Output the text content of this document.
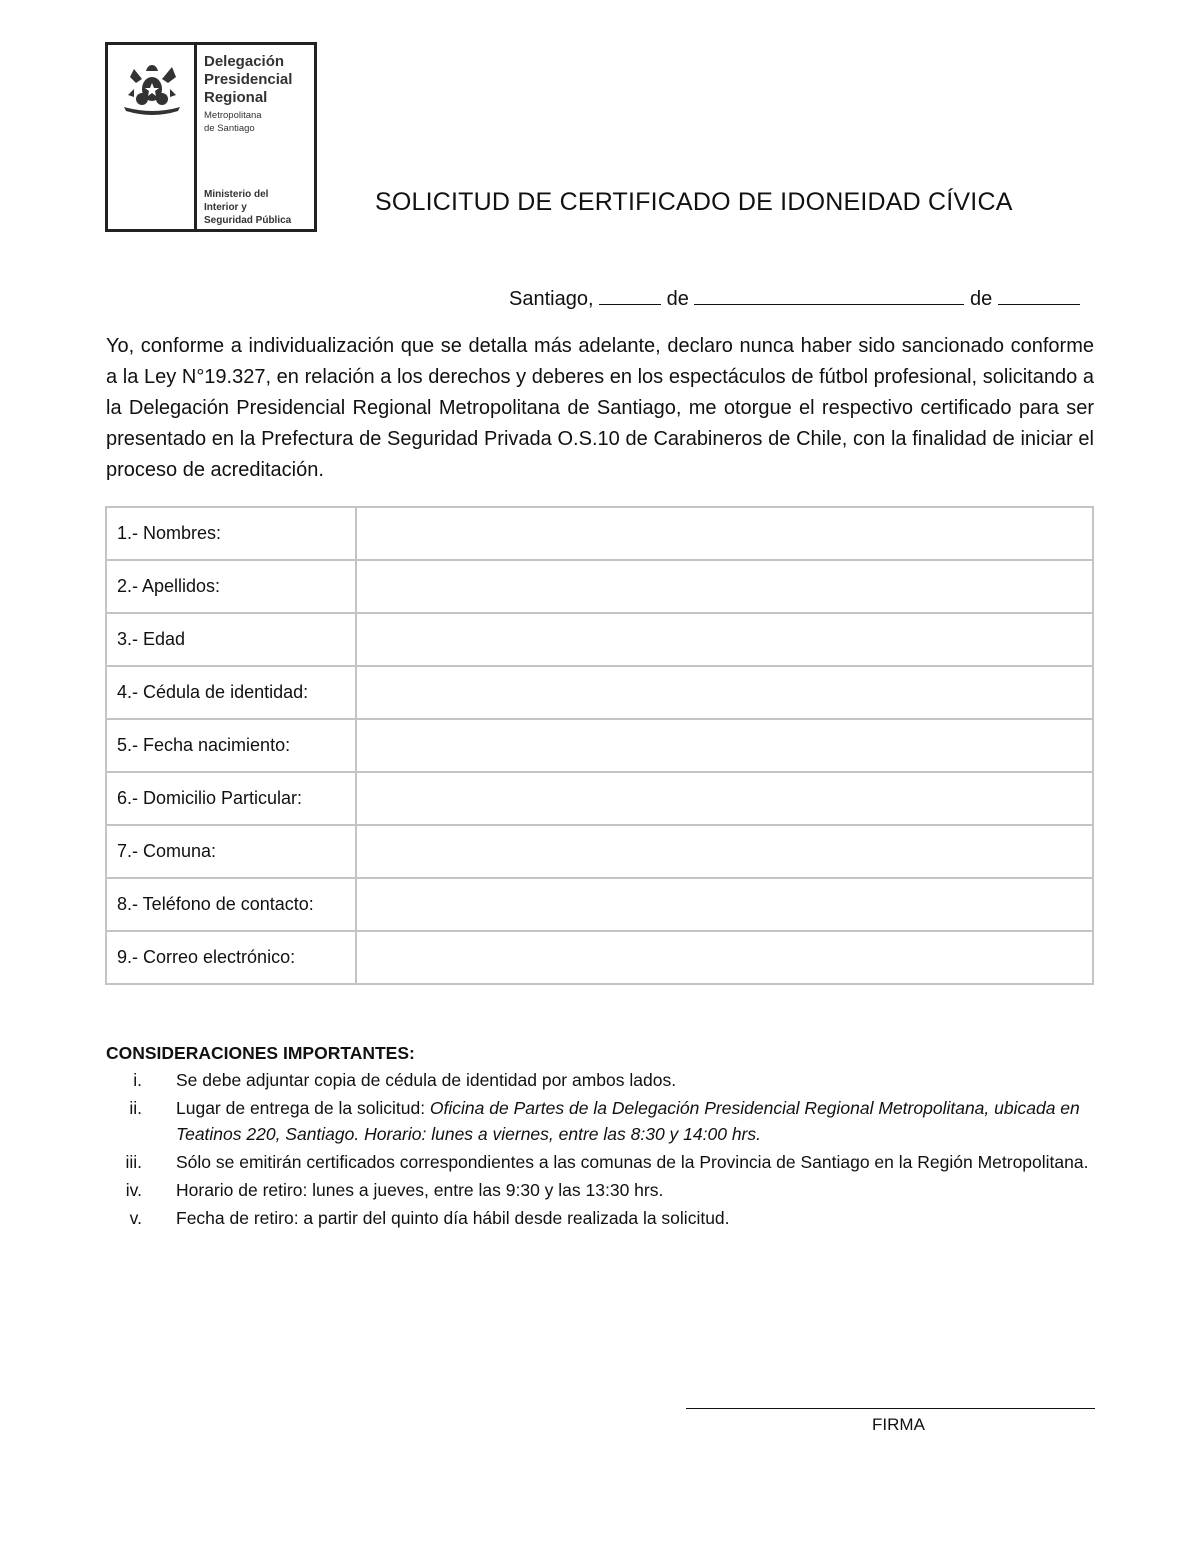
Delegación
Presidencial
Regional
Metropolitana
de Santiago
Ministerio del
Interior y
Seguridad Pública
SOLICITUD DE CERTIFICADO DE IDONEIDAD CÍVICA
Santiago,	de	de
Yo, conforme a individualización que se detalla más adelante, declaro nunca haber sido sancionado conforme a la Ley N°19.327, en relación a los derechos y deberes en los espectáculos de fútbol profesional, solicitando a la Delegación Presidencial Regional Metropolitana de Santiago, me otorgue el respectivo certificado para ser presentado en la Prefectura de Seguridad Privada O.S.10 de Carabineros de Chile, con la finalidad de iniciar el proceso de acreditación.
1.- Nombres:	
2.- Apellidos:	
3.- Edad	
4.- Cédula de identidad:	
5.- Fecha nacimiento:	
6.- Domicilio Particular:	
7.- Comuna:	
8.- Teléfono de contacto:	
9.- Correo electrónico:	
CONSIDERACIONES IMPORTANTES:
i. Se debe adjuntar copia de cédula de identidad por ambos lados.
ii. Lugar de entrega de la solicitud: Oficina de Partes de la Delegación Presidencial Regional Metropolitana, ubicada en Teatinos 220, Santiago. Horario: lunes a viernes, entre las 8:30 y 14:00 hrs.
iii. Sólo se emitirán certificados correspondientes a las comunas de la Provincia de Santiago en la Región Metropolitana.
iv. Horario de retiro: lunes a jueves, entre las 9:30 y las 13:30 hrs.
v. Fecha de retiro: a partir del quinto día hábil desde realizada la solicitud.
FIRMA
